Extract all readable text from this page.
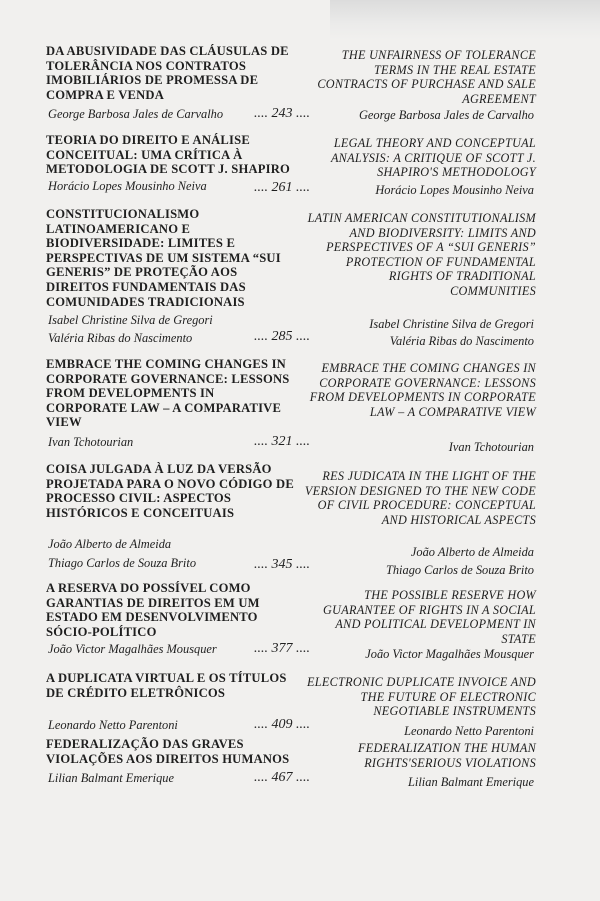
DA ABUSIVIDADE DAS CLÁUSULAS DE TOLERÂNCIA NOS CONTRATOS IMOBILIÁRIOS DE PROMESSA DE COMPRA E VENDA
George Barbosa Jales de Carvalho	.... 243 ....
THE UNFAIRNESS OF TOLERANCE TERMS IN THE REAL ESTATE CONTRACTS OF PURCHASE AND SALE AGREEMENT
George Barbosa Jales de Carvalho
TEORIA DO DIREITO E ANÁLISE CONCEITUAL: UMA CRÍTICA À METODOLOGIA DE SCOTT J. SHAPIRO
Horácio Lopes Mousinho Neiva	.... 261 ....
LEGAL THEORY AND CONCEPTUAL ANALYSIS: A CRITIQUE OF SCOTT J. SHAPIRO'S METHODOLOGY
Horácio Lopes Mousinho Neiva
CONSTITUCIONALISMO LATINOAMERICANO E BIODIVERSIDADE: LIMITES E PERSPECTIVAS DE UM SISTEMA “SUI GENERIS” DE PROTEÇÃO AOS DIREITOS FUNDAMENTAIS DAS COMUNIDADES TRADICIONAIS
Isabel Christine Silva de Gregori
Valéria Ribas do Nascimento	.... 285 ....
LATIN AMERICAN CONSTITUTIONALISM AND BIODIVERSITY: LIMITS AND PERSPECTIVES OF A “SUI GENERIS” PROTECTION OF FUNDAMENTAL RIGHTS OF TRADITIONAL COMMUNITIES
Isabel Christine Silva de Gregori
Valéria Ribas do Nascimento
EMBRACE THE COMING CHANGES IN CORPORATE GOVERNANCE: LESSONS FROM DEVELOPMENTS IN CORPORATE LAW – A COMPARATIVE VIEW
Ivan Tchotourian	.... 321 ....
EMBRACE THE COMING CHANGES IN CORPORATE GOVERNANCE: LESSONS FROM DEVELOPMENTS IN CORPORATE LAW – A COMPARATIVE VIEW
Ivan Tchotourian
COISA JULGADA À LUZ DA VERSÃO PROJETADA PARA O NOVO CÓDIGO DE PROCESSO CIVIL: ASPECTOS HISTÓRICOS E CONCEITUAIS
João Alberto de Almeida
Thiago Carlos de Souza Brito	.... 345 ....
RES JUDICATA IN THE LIGHT OF THE VERSION DESIGNED TO THE NEW CODE OF CIVIL PROCEDURE: CONCEPTUAL AND HISTORICAL ASPECTS
João Alberto de Almeida
Thiago Carlos de Souza Brito
A RESERVA DO POSSÍVEL COMO GARANTIAS DE DIREITOS EM UM ESTADO EM DESENVOLVIMENTO SÓCIO-POLÍTICO
João Victor Magalhães Mousquer	.... 377 ....
THE POSSIBLE RESERVE HOW GUARANTEE OF RIGHTS IN A SOCIAL AND POLITICAL DEVELOPMENT IN STATE
João Victor Magalhães Mousquer
A DUPLICATA VIRTUAL E OS TÍTULOS DE CRÉDITO ELETRÔNICOS
Leonardo Netto Parentoni	.... 409 ....
ELECTRONIC DUPLICATE INVOICE AND THE FUTURE OF ELECTRONIC NEGOTIABLE INSTRUMENTS
Leonardo Netto Parentoni
FEDERALIZAÇÃO DAS GRAVES VIOLAÇÕES AOS DIREITOS HUMANOS
Lilian Balmant Emerique	.... 467 ....
FEDERALIZATION THE HUMAN RIGHTS'SERIOUS VIOLATIONS
Lilian Balmant Emerique
